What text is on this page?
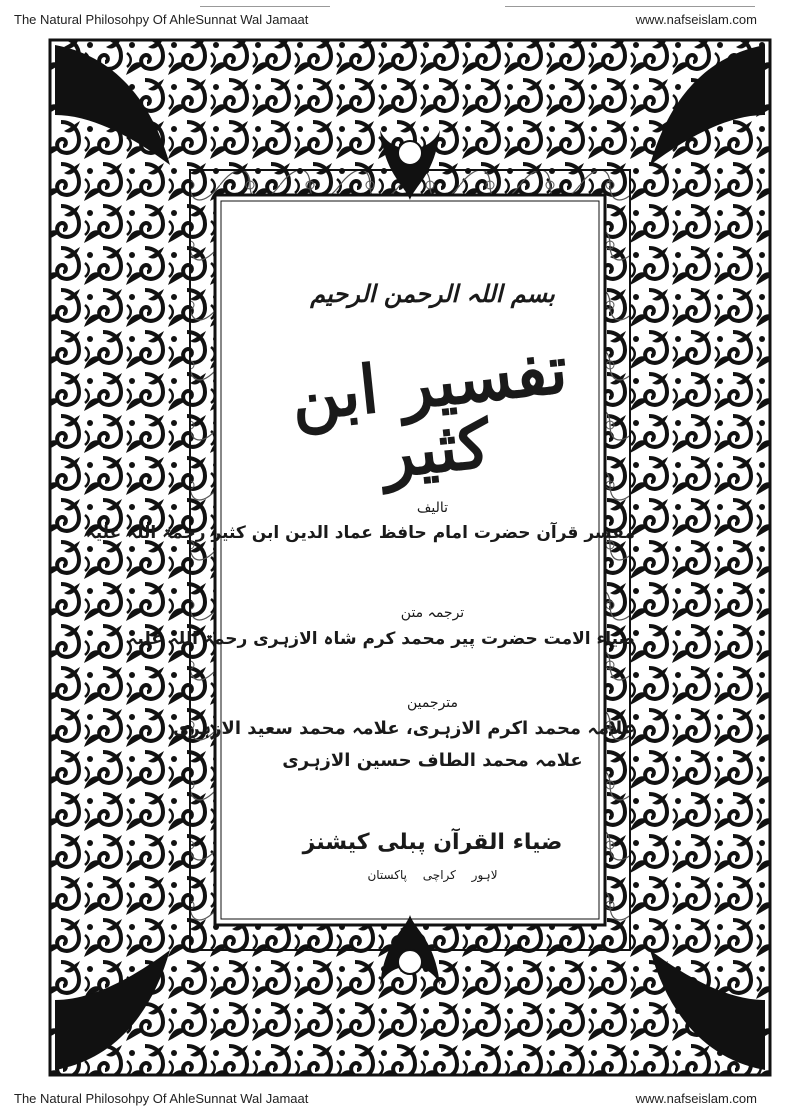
The Natural Philosohpy Of AhleSunnat Wal Jamaat	www.nafseislam.com
بسم اللہ الرحمن الرحیم
تفسیر ابن کثیر
تالیف
مفسر قرآن حضرت امام حافظ عماد الدین ابن کثیر رحمۃ اللہ علیہ
ترجمہ متن
ضیاء الامت حضرت پیر محمد کرم شاہ الازہری رحمۃ اللہ علیہ
مترجمین
علامہ محمد اکرم الازہری، علامہ محمد سعید الازہری
علامہ محمد الطاف حسین الازہری
ضیاء القرآن پبلی کیشنز
لاہور کراچی پاکستان
The Natural Philosohpy Of AhleSunnat Wal Jamaat	www.nafseislam.com
